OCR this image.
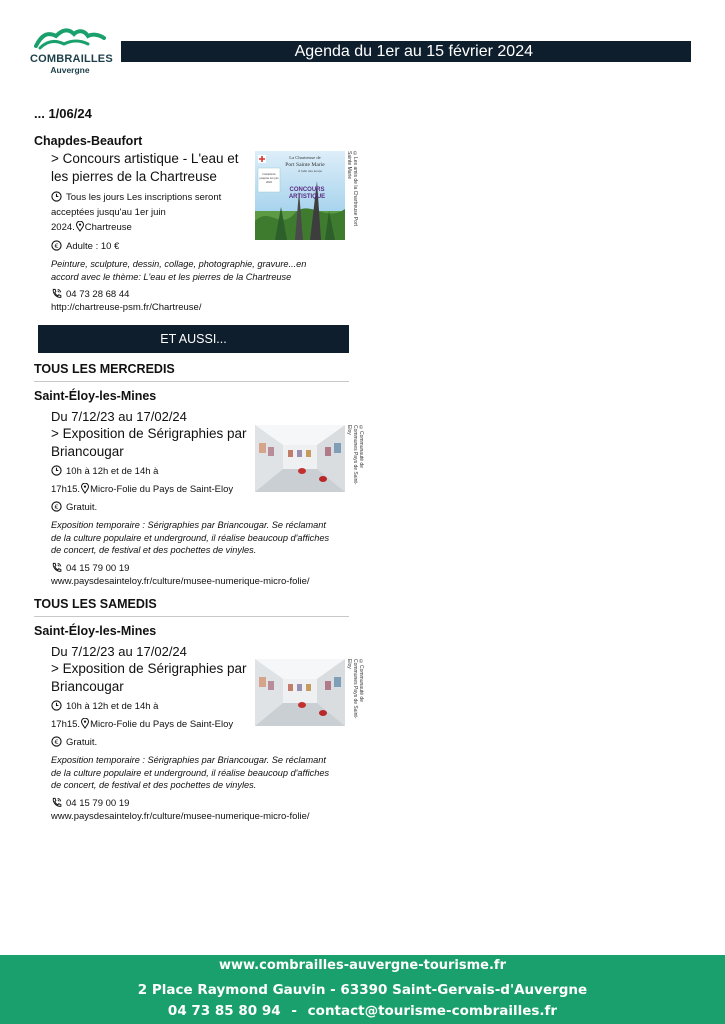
COMBRAILLES
Auvergne
Agenda du 1er au 15 février 2024
... 1/06/24
Chapdes-Beaufort
> Concours artistique - L'eau et
les pierres de la Chartreuse
Tous les jours Les inscriptions seront
acceptées jusqu'au 1er juin
2024. Chartreuse
€ Adulte : 10 €
Peinture, sculpture, dessin, collage, photographie, gravure...en
accord avec le thème: L'eau et les pierres de la Chartreuse
04 73 28 68 44
http://chartreuse-psm.fr/Chartreuse/
Inscriptions
jusqu'au 1er juin
2024
La Chartreuse de
Port Sainte Marie
À l'abri des temps
CONCOURS
ARTISTIQUE	©Les amis de la Chartreuse Port Sainte Marie
ET AUSSI...
TOUS LES MERCREDIS
Saint-Éloy-les-Mines
Du 7/12/23 au 17/02/24
> Exposition de Sérigraphies par
Briancougar
10h à 12h et de 14h à
17h15. Micro-Folie du Pays de Saint-Eloy
€ Gratuit.
Exposition temporaire : Sérigraphies par Briancougar. Se réclamant
de la culture populaire et underground, il réalise beaucoup d'affiches
de concert, de festival et des pochettes de vinyles.
04 15 79 00 19
www.paysdesainteloy.fr/culture/musee-numerique-micro-folie/
©Communauté de Communes Pays de Saint-Eloy
TOUS LES SAMEDIS
Saint-Éloy-les-Mines
Du 7/12/23 au 17/02/24
> Exposition de Sérigraphies par
Briancougar
10h à 12h et de 14h à
17h15. Micro-Folie du Pays de Saint-Eloy
€ Gratuit.
Exposition temporaire : Sérigraphies par Briancougar. Se réclamant
de la culture populaire et underground, il réalise beaucoup d'affiches
de concert, de festival et des pochettes de vinyles.
04 15 79 00 19
www.paysdesainteloy.fr/culture/musee-numerique-micro-folie/
©Communauté de Communes Pays de Saint-Eloy
www.combrailles-auvergne-tourisme.fr
2 Place Raymond Gauvin - 63390 Saint-Gervais-d'Auvergne
04 73 85 80 94 - contact@tourisme-combrailles.fr
